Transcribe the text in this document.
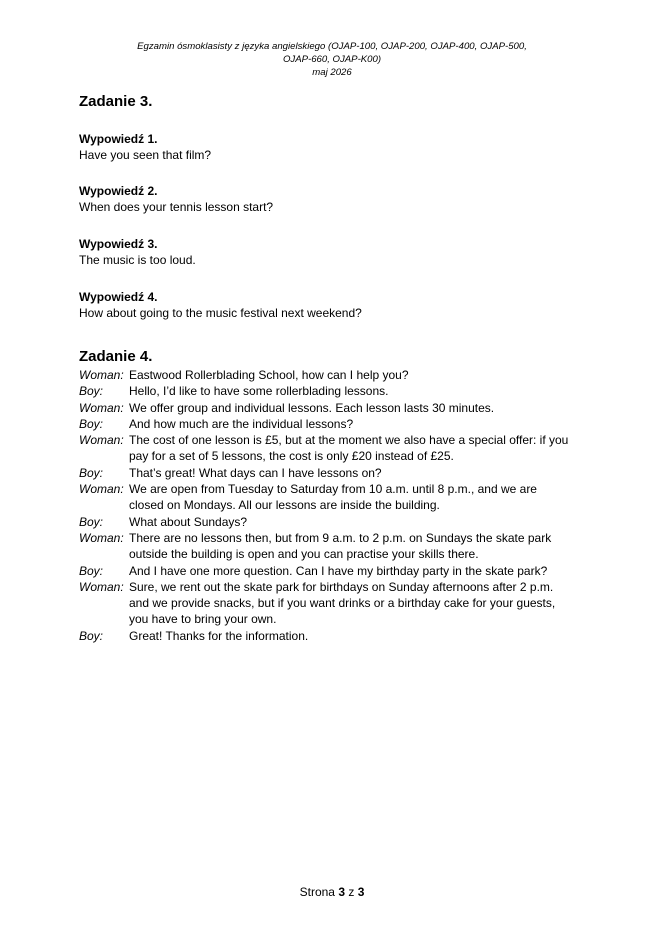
Egzamin ósmoklasisty z języka angielskiego (OJAP-100, OJAP-200, OJAP-400, OJAP-500,
OJAP-660, OJAP-K00)
maj 2026
Zadanie 3.
Wypowiedź 1.
Have you seen that film?
Wypowiedź 2.
When does your tennis lesson start?
Wypowiedź 3.
The music is too loud.
Wypowiedź 4.
How about going to the music festival next weekend?
Zadanie 4.
Woman: Eastwood Rollerblading School, how can I help you?
Boy:	Hello, I’d like to have some rollerblading lessons.
Woman: We offer group and individual lessons. Each lesson lasts 30 minutes.
Boy:	And how much are the individual lessons?
Woman: The cost of one lesson is £5, but at the moment we also have a special offer: if you
pay for a set of 5 lessons, the cost is only £20 instead of £25.
Boy:	That’s great! What days can I have lessons on?
Woman: We are open from Tuesday to Saturday from 10 a.m. until 8 p.m., and we are
closed on Mondays. All our lessons are inside the building.
Boy:	What about Sundays?
Woman: There are no lessons then, but from 9 a.m. to 2 p.m. on Sundays the skate park
outside the building is open and you can practise your skills there.
Boy:	And I have one more question. Can I have my birthday party in the skate park?
Woman: Sure, we rent out the skate park for birthdays on Sunday afternoons after 2 p.m.
and we provide snacks, but if you want drinks or a birthday cake for your guests,
you have to bring your own.
Boy:	Great! Thanks for the information.
Strona 3 z 3
